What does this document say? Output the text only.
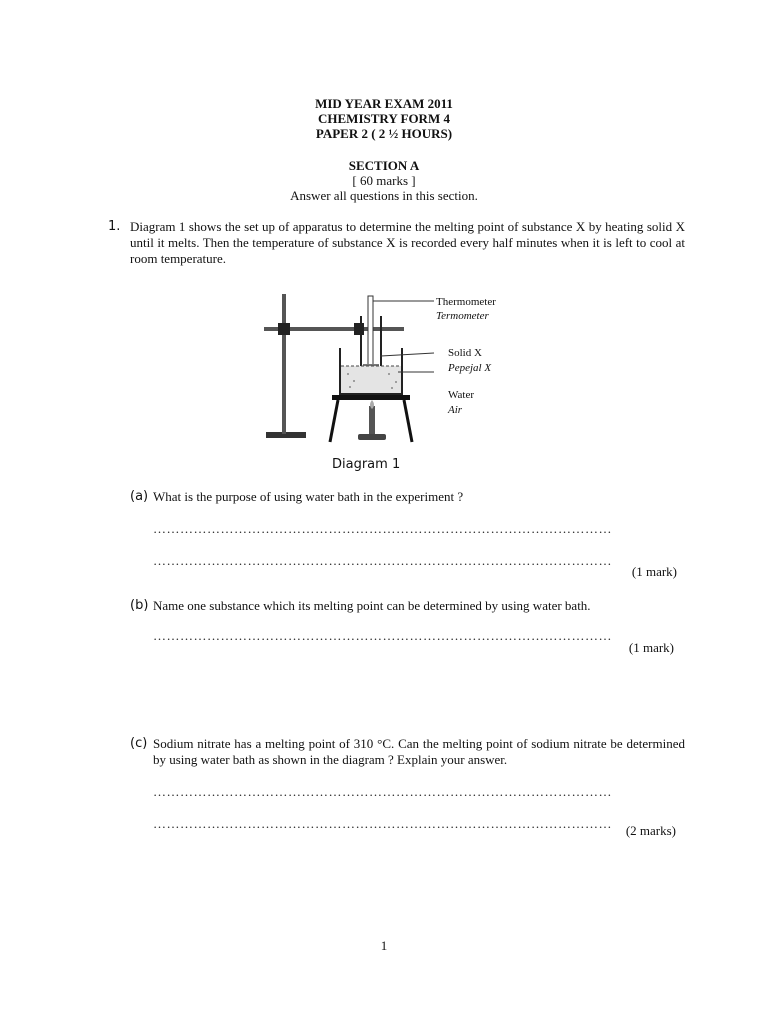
MID YEAR EXAM 2011
CHEMISTRY FORM 4
PAPER 2 ( 2 ½ HOURS)
SECTION A
[ 60 marks ]
Answer all questions in this section.
1. Diagram 1 shows the set up of apparatus to determine the melting point of substance X by heating solid X until it melts. Then the temperature of substance X is recorded every half minutes when it is left to cool at room temperature.
Thermometer
Termometer
Solid X
Pepejal X
Water
Air
Diagram 1
(a) What is the purpose of using water bath in the experiment ?
…………………………………………………………………………………………
…………………………………………………………………………………………
(1 mark)
(b) Name one substance which its melting point can be determined by using water bath.
…………………………………………………………………………………………
(1 mark)
(c) Sodium nitrate has a melting point of 310 °C. Can the melting point of sodium nitrate be determined by using water bath as shown in the diagram ? Explain your answer.
…………………………………………………………………………………………
…………………………………………………………………………………………	(2 marks)
1
